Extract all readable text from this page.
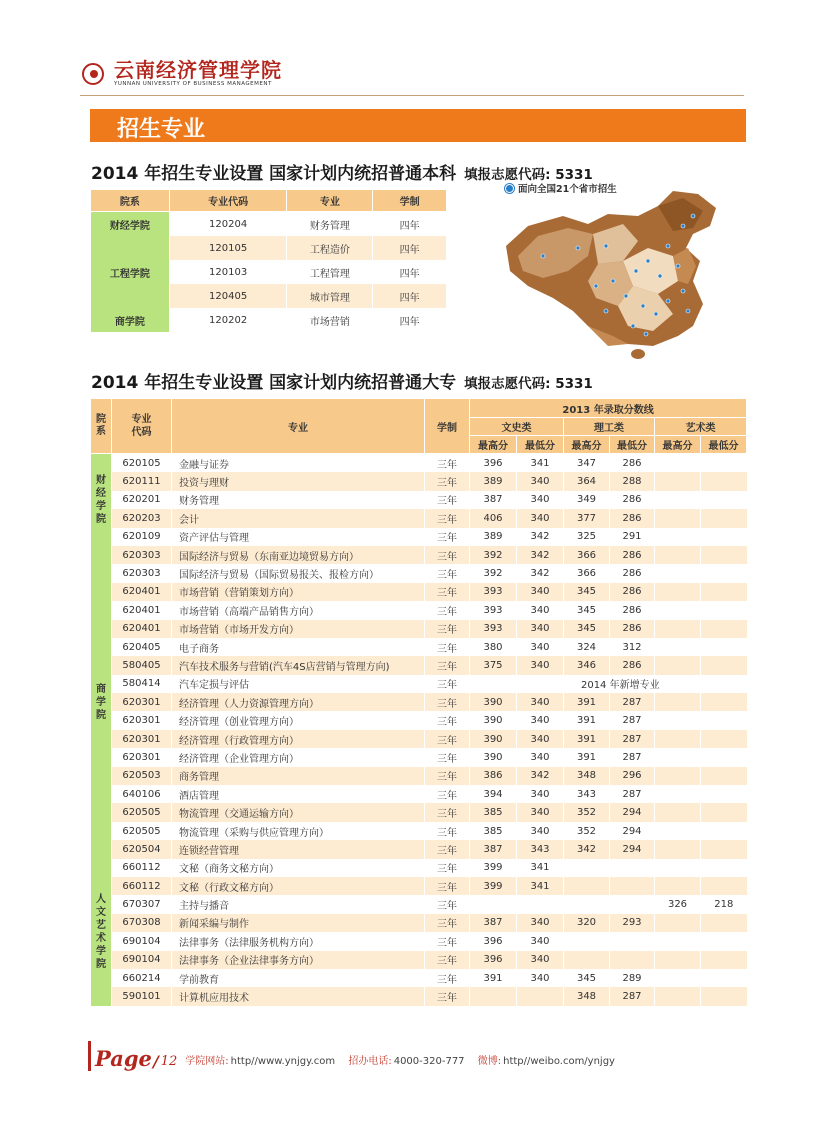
云南经济管理学院
YUNNAN UNIVERSITY OF BUSINESS MANAGEMENT
招生专业
2014 年招生专业设置 国家计划内统招普通本科 填报志愿代码: 5331
院系	专业代码	专业	学制
财经学院	120204	财务管理	四年
工程学院	120105	工程造价	四年
	120103	工程管理	四年
	120405	城市管理	四年
商学院	120202	市场营销	四年
面向全国21个省市招生
2014 年招生专业设置 国家计划内统招普通大专 填报志愿代码: 5331
院系	专业代码	专业	学制	2013 年录取分数线					
				文史类		理工类		艺术类	
				最高分	最低分	最高分	最低分	最高分	最低分
财经学院	620105	金融与证券	三年	396	341	347	286		
	620111	投资与理财	三年	389	340	364	288		
	620201	财务管理	三年	387	340	349	286		
	620203	会计	三年	406	340	377	286		
	620109	资产评估与管理	三年	389	342	325	291		
商学院	620303	国际经济与贸易（东南亚边境贸易方向）	三年	392	342	366	286		
	620303	国际经济与贸易（国际贸易报关、报检方向）	三年	392	342	366	286		
	620401	市场营销（营销策划方向）	三年	393	340	345	286		
	620401	市场营销（高端产品销售方向）	三年	393	340	345	286		
	620401	市场营销（市场开发方向）	三年	393	340	345	286		
	620405	电子商务	三年	380	340	324	312		
	580405	汽车技术服务与营销(汽车4S店营销与管理方向)	三年	375	340	346	286		
	580414	汽车定损与评估	三年	2014 年新增专业					
	620301	经济管理（人力资源管理方向）	三年	390	340	391	287		
	620301	经济管理（创业管理方向）	三年	390	340	391	287		
	620301	经济管理（行政管理方向）	三年	390	340	391	287		
	620301	经济管理（企业管理方向）	三年	390	340	391	287		
	620503	商务管理	三年	386	342	348	296		
	640106	酒店管理	三年	394	340	343	287		
	620505	物流管理（交通运输方向）	三年	385	340	352	294		
	620505	物流管理（采购与供应管理方向）	三年	385	340	352	294		
	620504	连锁经营管理	三年	387	343	342	294		
人文艺术学院	660112	文秘（商务文秘方向）	三年	399	341				
	660112	文秘（行政文秘方向）	三年	399	341				
	670307	主持与播音	三年					326	218
	670308	新闻采编与制作	三年	387	340	320	293		
	690104	法律事务（法律服务机构方向）	三年	396	340				
	690104	法律事务（企业法律事务方向）	三年	396	340				
	660214	学前教育	三年	391	340	345	289		
	590101	计算机应用技术	三年			348	287		
Page / 12 学院网站: http//www.ynjgy.com 招办电话: 4000-320-777 微博: http//weibo.com/ynjgy
